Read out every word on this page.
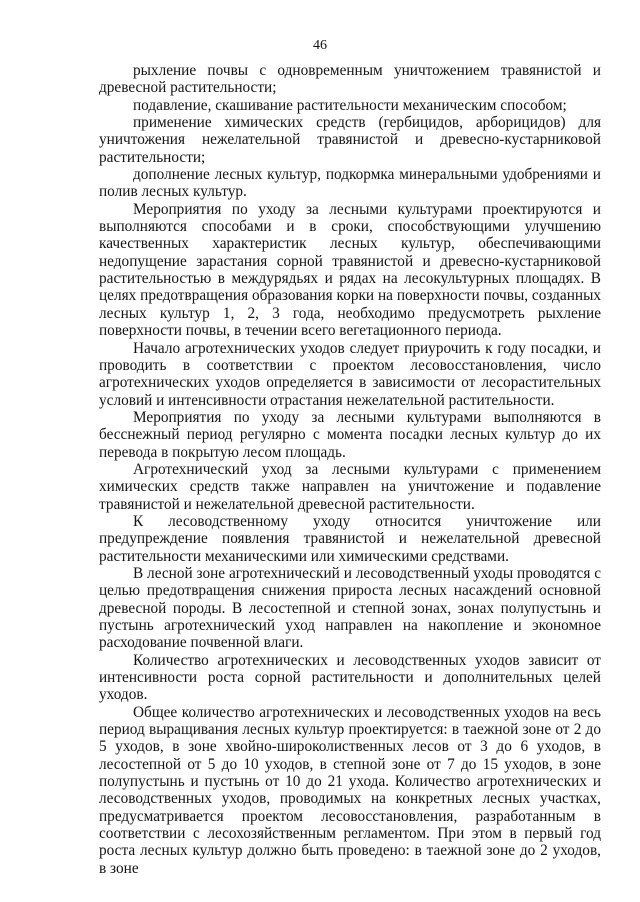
46

рыхление почвы с одновременным уничтожением травянистой и древесной растительности;

подавление, скашивание растительности механическим способом;

применение химических средств (гербицидов, арборицидов) для уничтожения нежелательной травянистой и древесно-кустарниковой растительности;

дополнение лесных культур, подкормка минеральными удобрениями и полив лесных культур.

Мероприятия по уходу за лесными культурами проектируются и выполняются способами и в сроки, способствующими улучшению качественных характеристик лесных культур, обеспечивающими недопущение зарастания сорной травянистой и древесно-кустарниковой растительностью в междурядьях и рядах на лесокультурных площадях. В целях предотвращения образования корки на поверхности почвы, созданных лесных культур 1, 2, 3 года, необходимо предусмотреть рыхление поверхности почвы, в течении всего вегетационного периода.

Начало агротехнических уходов следует приурочить к году посадки, и проводить в соответствии с проектом лесовосстановления, число агротехнических уходов определяется в зависимости от лесорастительных условий и интенсивности отрастания нежелательной растительности.

Мероприятия по уходу за лесными культурами выполняются в бесснежный период регулярно с момента посадки лесных культур до их перевода в покрытую лесом площадь.

Агротехнический уход за лесными культурами с применением химических средств также направлен на уничтожение и подавление травянистой и нежелательной древесной растительности.

К лесоводственному уходу относится уничтожение или предупреждение появления травянистой и нежелательной древесной растительности механическими или химическими средствами.

В лесной зоне агротехнический и лесоводственный уходы проводятся с целью предотвращения снижения прироста лесных насаждений основной древесной породы. В лесостепной и степной зонах, зонах полупустынь и пустынь агротехнический уход направлен на накопление и экономное расходование почвенной влаги.

Количество агротехнических и лесоводственных уходов зависит от интенсивности роста сорной растительности и дополнительных целей уходов.

Общее количество агротехнических и лесоводственных уходов на весь период выращивания лесных культур проектируется: в таежной зоне от 2 до 5 уходов, в зоне хвойно-широколиственных лесов от 3 до 6 уходов, в лесостепной от 5 до 10 уходов, в степной зоне от 7 до 15 уходов, в зоне полупустынь и пустынь от 10 до 21 ухода. Количество агротехнических и лесоводственных уходов, проводимых на конкретных лесных участках, предусматривается проектом лесовосстановления, разработанным в соответствии с лесохозяйственным регламентом. При этом в первый год роста лесных культур должно быть проведено: в таежной зоне до 2 уходов, в зоне
